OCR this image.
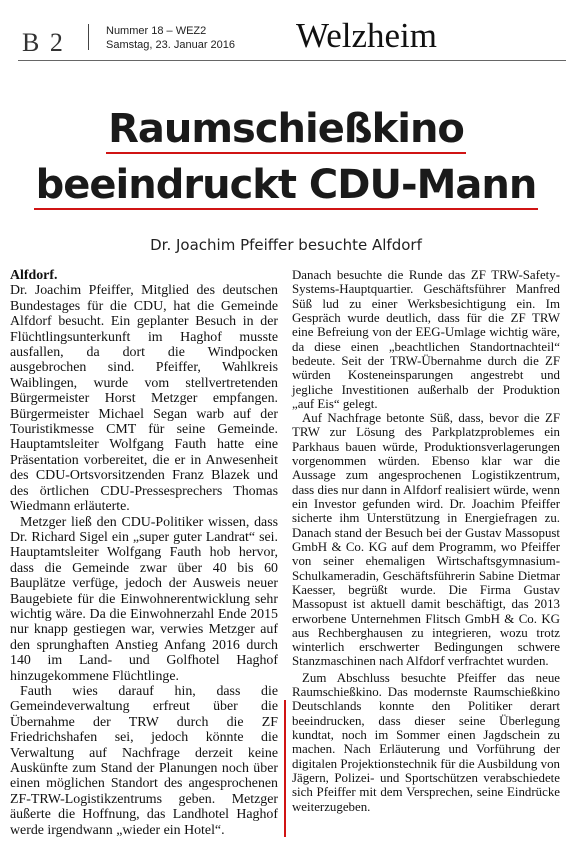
B 2	Nummer 18 – WEZ2
Samstag, 23. Januar 2016 Welzheim
Raumschießkino
beeindruckt CDU-Mann
Dr. Joachim Pfeiffer besuchte Alfdorf

Alfdorf.
Dr. Joachim Pfeiffer, Mitglied des deutschen Bundestages für die CDU, hat die Gemeinde Alfdorf besucht. Ein geplanter Besuch in der Flüchtlingsunterkunft im Haghof musste ausfallen, da dort die Windpocken ausgebrochen sind. Pfeiffer, Wahlkreis Waiblingen, wurde vom stellvertretenden Bürgermeister Horst Metzger empfangen. Bürgermeister Michael Segan warb auf der Touristikmesse CMT für seine Gemeinde. Hauptamtsleiter Wolfgang Fauth hatte eine Präsentation vorbereitet, die er in Anwesenheit des CDU-Ortsvorsitzenden Franz Blazek und des örtlichen CDU-Pressesprechers Thomas Wiedmann erläuterte.

Metzger ließ den CDU-Politiker wissen, dass Dr. Richard Sigel ein „super guter Landrat“ sei. Hauptamtsleiter Wolfgang Fauth hob hervor, dass die Gemeinde zwar über 40 bis 60 Bauplätze verfüge, jedoch der Ausweis neuer Baugebiete für die Einwohnerentwicklung sehr wichtig wäre. Da die Einwohnerzahl Ende 2015 nur knapp gestiegen war, verwies Metzger auf den sprunghaften Anstieg Anfang 2016 durch 140 im Land- und Golfhotel Haghof hinzugekommene Flüchtlinge.

Fauth wies darauf hin, dass die Gemeindeverwaltung erfreut über die Übernahme der TRW durch die ZF Friedrichshafen sei, jedoch könnte die Verwaltung auf Nachfrage derzeit keine Auskünfte zum Stand der Planungen noch über einen möglichen Standort des angesprochenen ZF-TRW-Logistikzentrums geben. Metzger äußerte die Hoffnung, das Landhotel Haghof werde irgendwann „wieder ein Hotel“.

Danach besuchte die Runde das ZF TRW-Safety-Systems-Hauptquartier. Geschäftsführer Manfred Süß lud zu einer Werksbesichtigung ein. Im Gespräch wurde deutlich, dass für die ZF TRW eine Befreiung von der EEG-Umlage wichtig wäre, da diese einen „beachtlichen Standortnachteil“ bedeute. Seit der TRW-Übernahme durch die ZF würden Kosteneinsparungen angestrebt und jegliche Investitionen außerhalb der Produktion „auf Eis“ gelegt.

Auf Nachfrage betonte Süß, dass, bevor die ZF TRW zur Lösung des Parkplatzproblemes ein Parkhaus bauen würde, Produktionsverlagerungen vorgenommen würden. Ebenso klar war die Aussage zum angesprochenen Logistikzentrum, dass dies nur dann in Alfdorf realisiert würde, wenn ein Investor gefunden wird. Dr. Joachim Pfeiffer sicherte ihm Unterstützung in Energiefragen zu. Danach stand der Besuch bei der Gustav Massopust GmbH & Co. KG auf dem Programm, wo Pfeiffer von seiner ehemaligen Wirtschaftsgymnasium-Schulkameradin, Geschäftsführerin Sabine Dietmar Kaesser, begrüßt wurde. Die Firma Gustav Massopust ist aktuell damit beschäftigt, das 2013 erworbene Unternehmen Flitsch GmbH & Co. KG aus Rechberghausen zu integrieren, wozu trotz winterlich erschwerter Bedingungen schwere Stanzmaschinen nach Alfdorf verfrachtet wurden.

Zum Abschluss besuchte Pfeiffer das neue Raumschießkino. Das modernste Raumschießkino Deutschlands konnte den Politiker derart beeindrucken, dass dieser seine Überlegung kundtat, noch im Sommer einen Jagdschein zu machen. Nach Erläuterung und Vorführung der digitalen Projektionstechnik für die Ausbildung von Jägern, Polizei- und Sportschützen verabschiedete sich Pfeiffer mit dem Versprechen, seine Eindrücke weiterzugeben.
